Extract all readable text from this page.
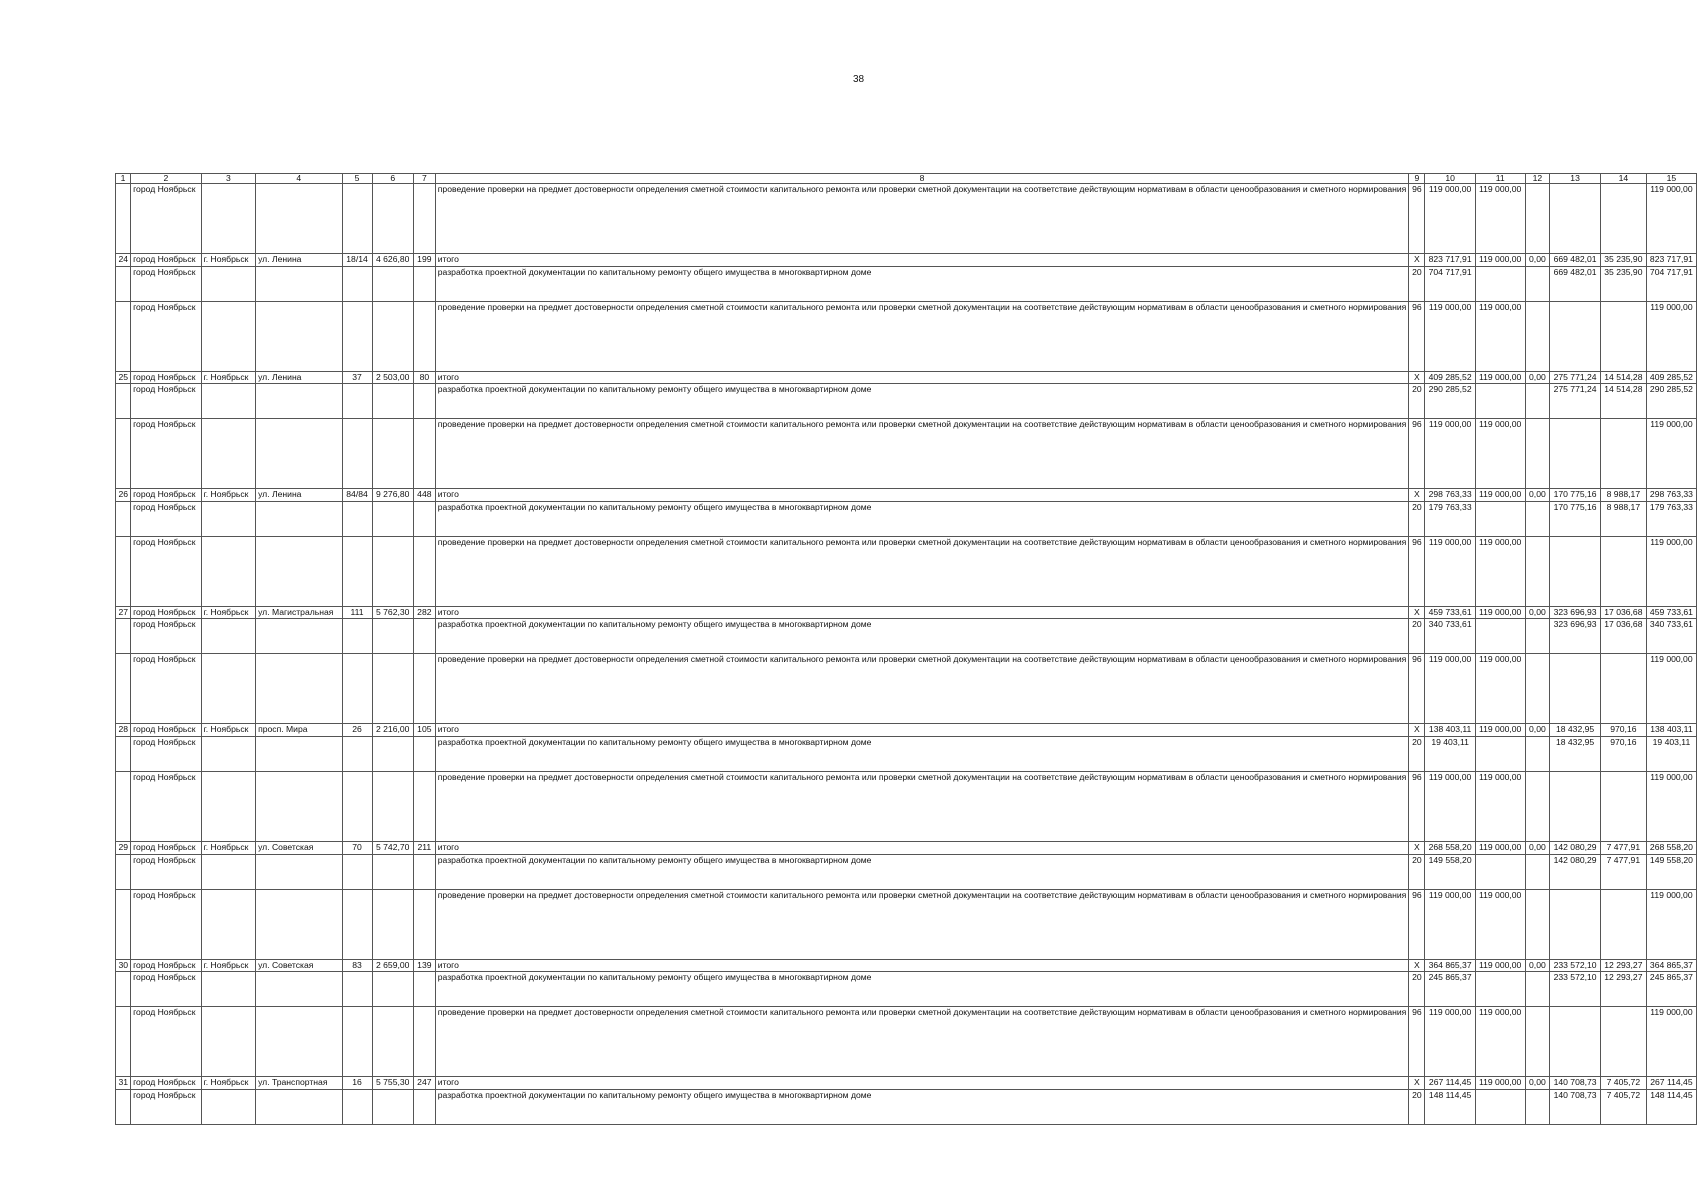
38
1	2	3	4	5	6	7	8	9	10	11	12	13	14	15
	город Ноябрьск						проведение проверки на предмет достоверности определения сметной стоимости капитального ремонта или проверки сметной документации на соответствие действующим нормативам в области ценообразования и сметного нормирования	96	119 000,00	119 000,00				119 000,00
24	город Ноябрьск	г. Ноябрьск	ул. Ленина	18/14	4 626,80	199	итого	X	823 717,91	119 000,00	0,00	669 482,01	35 235,90	823 717,91
	город Ноябрьск						разработка проектной документации по капитальному ремонту общего имущества в многоквартирном доме	20	704 717,91			669 482,01	35 235,90	704 717,91
	город Ноябрьск						проведение проверки на предмет достоверности определения сметной стоимости капитального ремонта или проверки сметной документации на соответствие действующим нормативам в области ценообразования и сметного нормирования	96	119 000,00	119 000,00				119 000,00
25	город Ноябрьск	г. Ноябрьск	ул. Ленина	37	2 503,00	80	итого	X	409 285,52	119 000,00	0,00	275 771,24	14 514,28	409 285,52
	город Ноябрьск						разработка проектной документации по капитальному ремонту общего имущества в многоквартирном доме	20	290 285,52			275 771,24	14 514,28	290 285,52
	город Ноябрьск						проведение проверки на предмет достоверности определения сметной стоимости капитального ремонта или проверки сметной документации на соответствие действующим нормативам в области ценообразования и сметного нормирования	96	119 000,00	119 000,00				119 000,00
26	город Ноябрьск	г. Ноябрьск	ул. Ленина	84/84	9 276,80	448	итого	X	298 763,33	119 000,00	0,00	170 775,16	8 988,17	298 763,33
	город Ноябрьск						разработка проектной документации по капитальному ремонту общего имущества в многоквартирном доме	20	179 763,33			170 775,16	8 988,17	179 763,33
	город Ноябрьск						проведение проверки на предмет достоверности определения сметной стоимости капитального ремонта или проверки сметной документации на соответствие действующим нормативам в области ценообразования и сметного нормирования	96	119 000,00	119 000,00				119 000,00
27	город Ноябрьск	г. Ноябрьск	ул. Магистральная	111	5 762,30	282	итого	X	459 733,61	119 000,00	0,00	323 696,93	17 036,68	459 733,61
	город Ноябрьск						разработка проектной документации по капитальному ремонту общего имущества в многоквартирном доме	20	340 733,61			323 696,93	17 036,68	340 733,61
	город Ноябрьск						проведение проверки на предмет достоверности определения сметной стоимости капитального ремонта или проверки сметной документации на соответствие действующим нормативам в области ценообразования и сметного нормирования	96	119 000,00	119 000,00				119 000,00
28	город Ноябрьск	г. Ноябрьск	просп. Мира	26	2 216,00	105	итого	X	138 403,11	119 000,00	0,00	18 432,95	970,16	138 403,11
	город Ноябрьск						разработка проектной документации по капитальному ремонту общего имущества в многоквартирном доме	20	19 403,11			18 432,95	970,16	19 403,11
	город Ноябрьск						проведение проверки на предмет достоверности определения сметной стоимости капитального ремонта или проверки сметной документации на соответствие действующим нормативам в области ценообразования и сметного нормирования	96	119 000,00	119 000,00				119 000,00
29	город Ноябрьск	г. Ноябрьск	ул. Советская	70	5 742,70	211	итого	X	268 558,20	119 000,00	0,00	142 080,29	7 477,91	268 558,20
	город Ноябрьск						разработка проектной документации по капитальному ремонту общего имущества в многоквартирном доме	20	149 558,20			142 080,29	7 477,91	149 558,20
	город Ноябрьск						проведение проверки на предмет достоверности определения сметной стоимости капитального ремонта или проверки сметной документации на соответствие действующим нормативам в области ценообразования и сметного нормирования	96	119 000,00	119 000,00				119 000,00
30	город Ноябрьск	г. Ноябрьск	ул. Советская	83	2 659,00	139	итого	X	364 865,37	119 000,00	0,00	233 572,10	12 293,27	364 865,37
	город Ноябрьск						разработка проектной документации по капитальному ремонту общего имущества в многоквартирном доме	20	245 865,37			233 572,10	12 293,27	245 865,37
	город Ноябрьск						проведение проверки на предмет достоверности определения сметной стоимости капитального ремонта или проверки сметной документации на соответствие действующим нормативам в области ценообразования и сметного нормирования	96	119 000,00	119 000,00				119 000,00
31	город Ноябрьск	г. Ноябрьск	ул. Транспортная	16	5 755,30	247	итого	X	267 114,45	119 000,00	0,00	140 708,73	7 405,72	267 114,45
	город Ноябрьск						разработка проектной документации по капитальному ремонту общего имущества в многоквартирном доме	20	148 114,45			140 708,73	7 405,72	148 114,45
